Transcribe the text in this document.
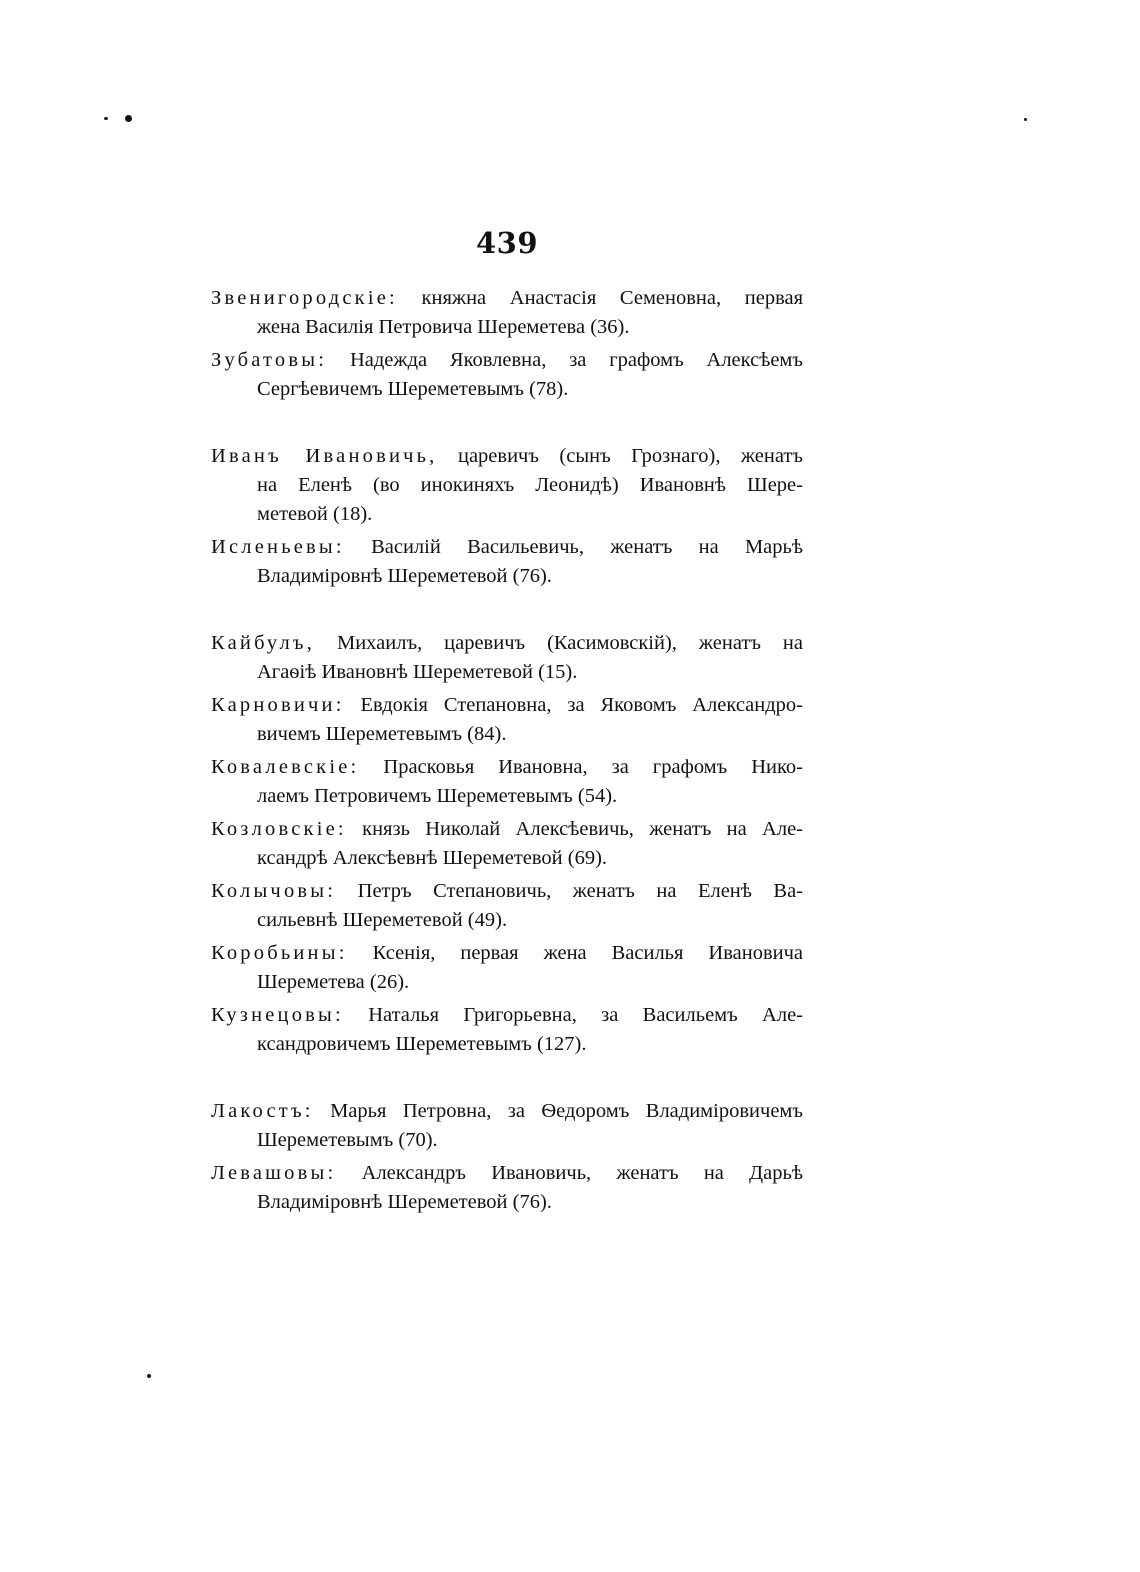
439
Звенигородскіе: княжна Анастасія Семеновна, первая
жена Василія Петровича Шереметева (36).
Зубатовы: Надежда Яковлевна, за графомъ Алексѣемъ
Сергѣевичемъ Шереметевымъ (78).
Иванъ Ивановичь, царевичъ (сынъ Грознаго), женатъ
на Еленѣ (во инокиняхъ Леонидѣ) Ивановнѣ Шере-
метевой (18).
Исленьевы: Василій Васильевичь, женатъ на Марьѣ
Владиміровнѣ Шереметевой (76).
Кайбулъ, Михаилъ, царевичъ (Касимовскій), женатъ на
Агаѳіѣ Ивановнѣ Шереметевой (15).
Карновичи: Евдокія Степановна, за Яковомъ Александро-
вичемъ Шереметевымъ (84).
Ковалевскіе: Прасковья Ивановна, за графомъ Нико-
лаемъ Петровичемъ Шереметевымъ (54).
Козловскіе: князь Николай Алексѣевичь, женатъ на Але-
ксандрѣ Алексѣевнѣ Шереметевой (69).
Колычовы: Петръ Степановичь, женатъ на Еленѣ Ва-
сильевнѣ Шереметевой (49).
Коробьины: Ксенія, первая жена Василья Ивановича
Шереметева (26).
Кузнецовы: Наталья Григорьевна, за Васильемъ Але-
ксандровичемъ Шереметевымъ (127).
Лакостъ: Марья Петровна, за Ѳедоромъ Владиміровичемъ
Шереметевымъ (70).
Левашовы: Александръ Ивановичь, женатъ на Дарьѣ
Владиміровнѣ Шереметевой (76).
